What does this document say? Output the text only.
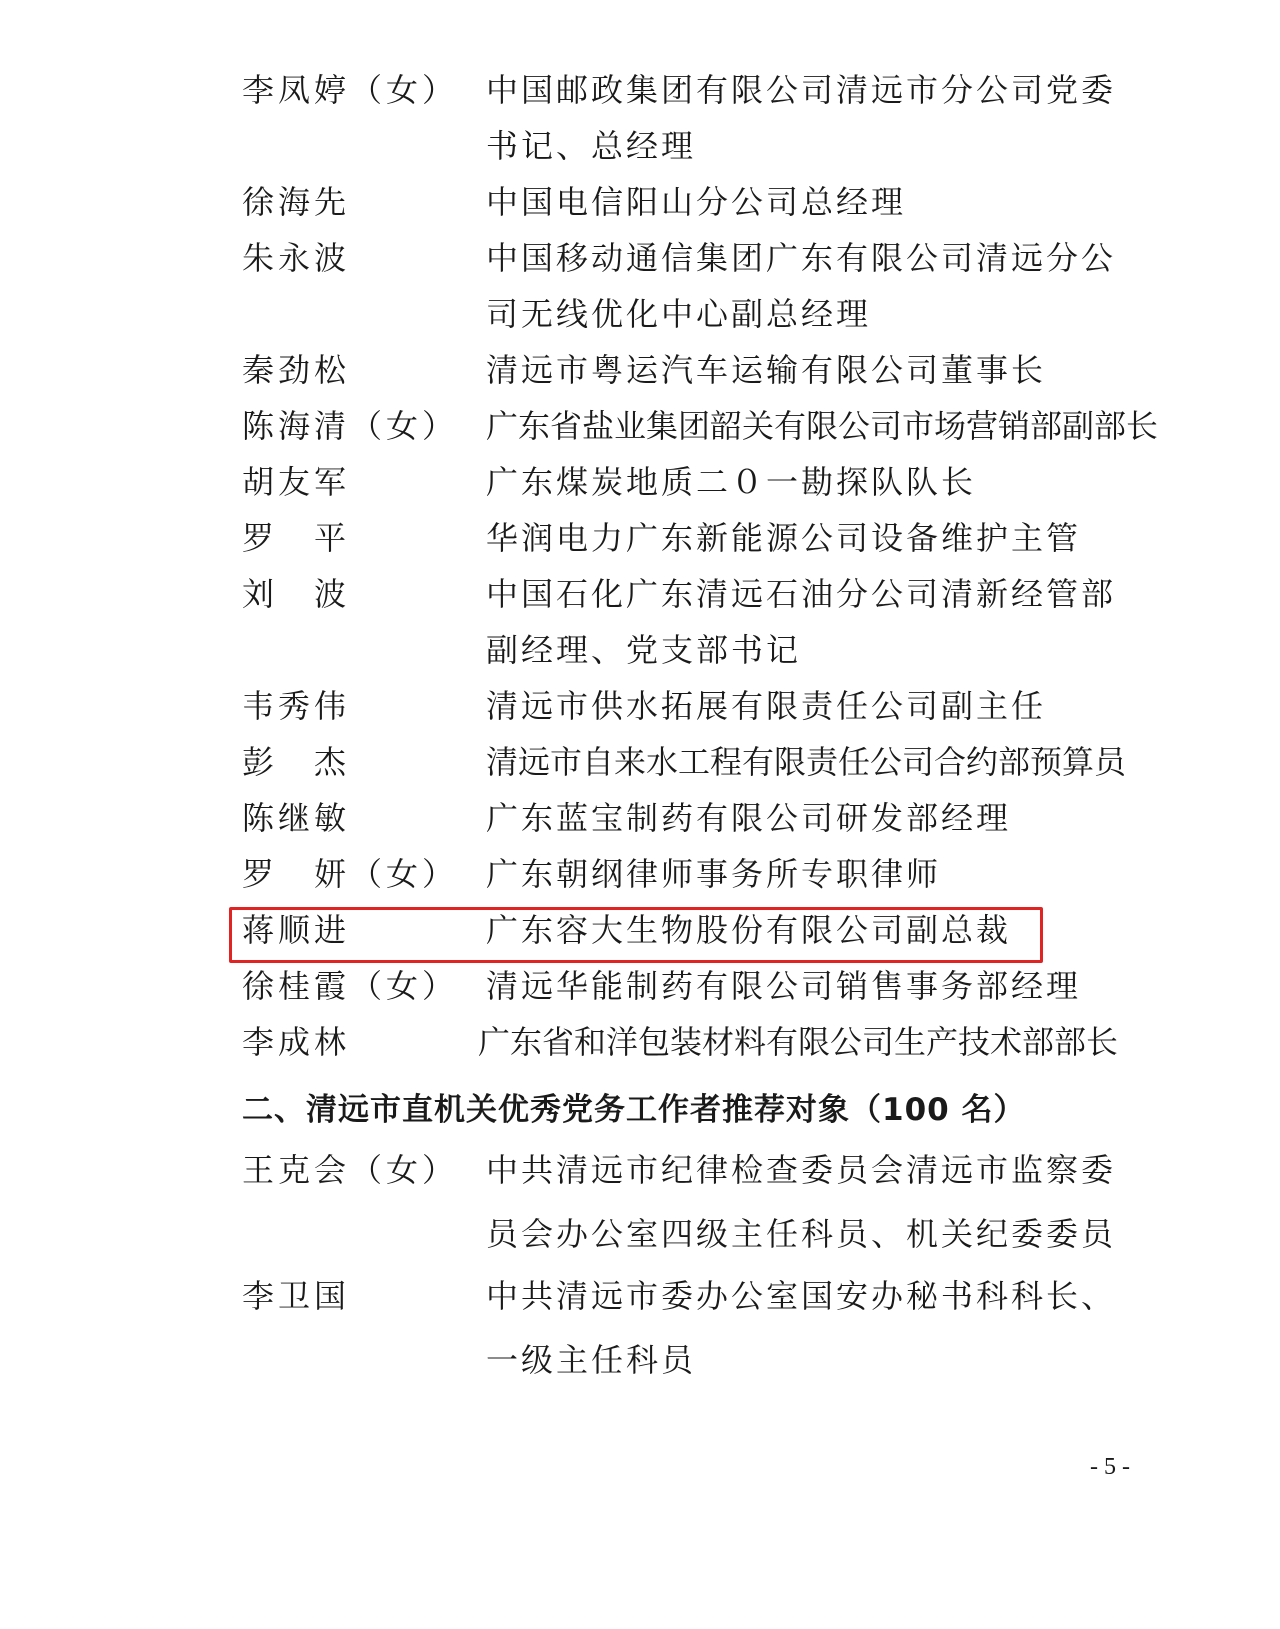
李凤婷（女） 中国邮政集团有限公司清远市分公司党委
书记、总经理
徐海先	中国电信阳山分公司总经理
朱永波	中国移动通信集团广东有限公司清远分公
司无线优化中心副总经理
秦劲松	清远市粤运汽车运输有限公司董事长
陈海清（女） 广东省盐业集团韶关有限公司市场营销部副部长
胡友军	广东煤炭地质二０一勘探队队长
罗　平	华润电力广东新能源公司设备维护主管
刘　波	中国石化广东清远石油分公司清新经管部
副经理、党支部书记
韦秀伟	清远市供水拓展有限责任公司副主任
彭　杰	清远市自来水工程有限责任公司合约部预算员
陈继敏	广东蓝宝制药有限公司研发部经理
罗　妍（女） 广东朝纲律师事务所专职律师
蒋顺进	广东容大生物股份有限公司副总裁
徐桂霞（女） 清远华能制药有限公司销售事务部经理
李成林	广东省和洋包装材料有限公司生产技术部部长
二、清远市直机关优秀党务工作者推荐对象（100 名）
王克会（女） 中共清远市纪律检查委员会清远市监察委
员会办公室四级主任科员、机关纪委委员
李卫国	中共清远市委办公室国安办秘书科科长、
一级主任科员
- 5 -
